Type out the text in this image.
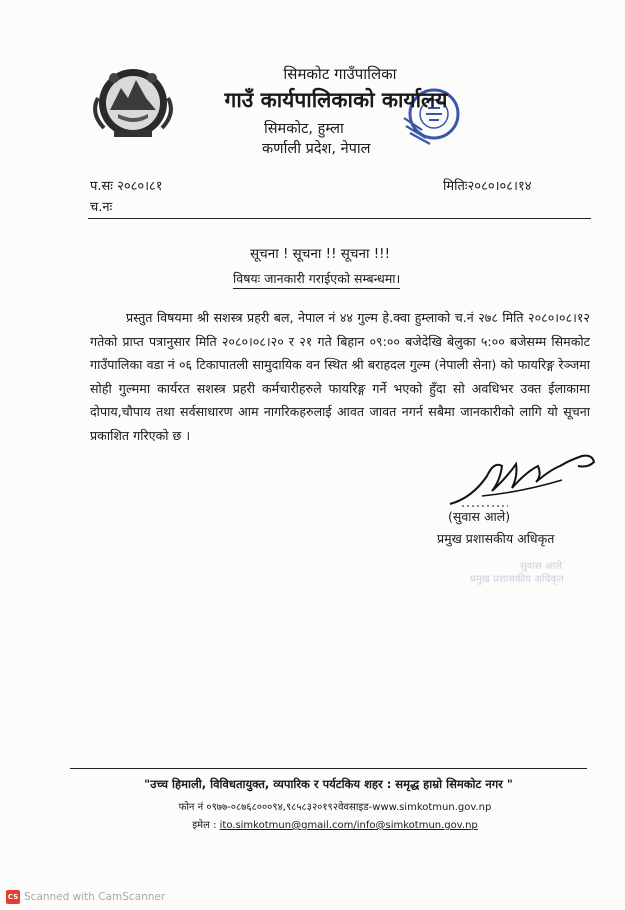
सिमकोट गाउँपालिका
गाउँ कार्यपालिकाको कार्यालय
सिमकोट, हुम्ला
कर्णाली प्रदेश, नेपाल
प.सः २०८०।८१
च.नः
मितिः२०८०।०८।१४
सूचना ! सूचना !! सूचना !!!
विषयः जानकारी गराईएको सम्बन्धमा।
प्रस्तुत विषयमा श्री सशस्त्र प्रहरी बल, नेपाल नं ४४ गुल्म हे.क्वा हुम्लाको च.नं २७८ मिति २०८०।०८।१२ गतेको प्राप्त पत्रानुसार मिति २०८०।०८।२० र २१ गते बिहान ०९:०० बजेदेखि बेलुका ५:०० बजेसम्म सिमकोट गाउँपालिका वडा नं ०६ टिकापातली सामुदायिक वन स्थित श्री बराहदल गुल्म (नेपाली सेना) को फायरिङ्ग रेञ्जमा सोही गुल्ममा कार्यरत सशस्त्र प्रहरी कर्मचारीहरुले फायरिङ्ग गर्ने भएको हुँदा सो अवधिभर उक्त ईलाकामा दोपाय,चौपाय तथा सर्वसाधारण आम नागरिकहरुलाई आवत जावत नगर्न सबैमा जानकारीको लागि यो सूचना प्रकाशित गरिएको छ ।
(सुवास आले)
प्रमुख प्रशासकीय अधिकृत
सुवास आले
प्रमुख प्रशासकीय अधिकृत
"उच्च हिमाली, विविधतायुक्त, व्यपारिक र पर्यटकिय शहर : समृद्ध हाम्रो सिमकोट नगर "
फोन नं ०९७७-०८७६८०००९४,९८५८३२०१९२वेवसाइड-www.simkotmun.gov.np
इमेल : ito.simkotmun@gmail.com/info@simkotmun.gov.np
CS Scanned with CamScanner
